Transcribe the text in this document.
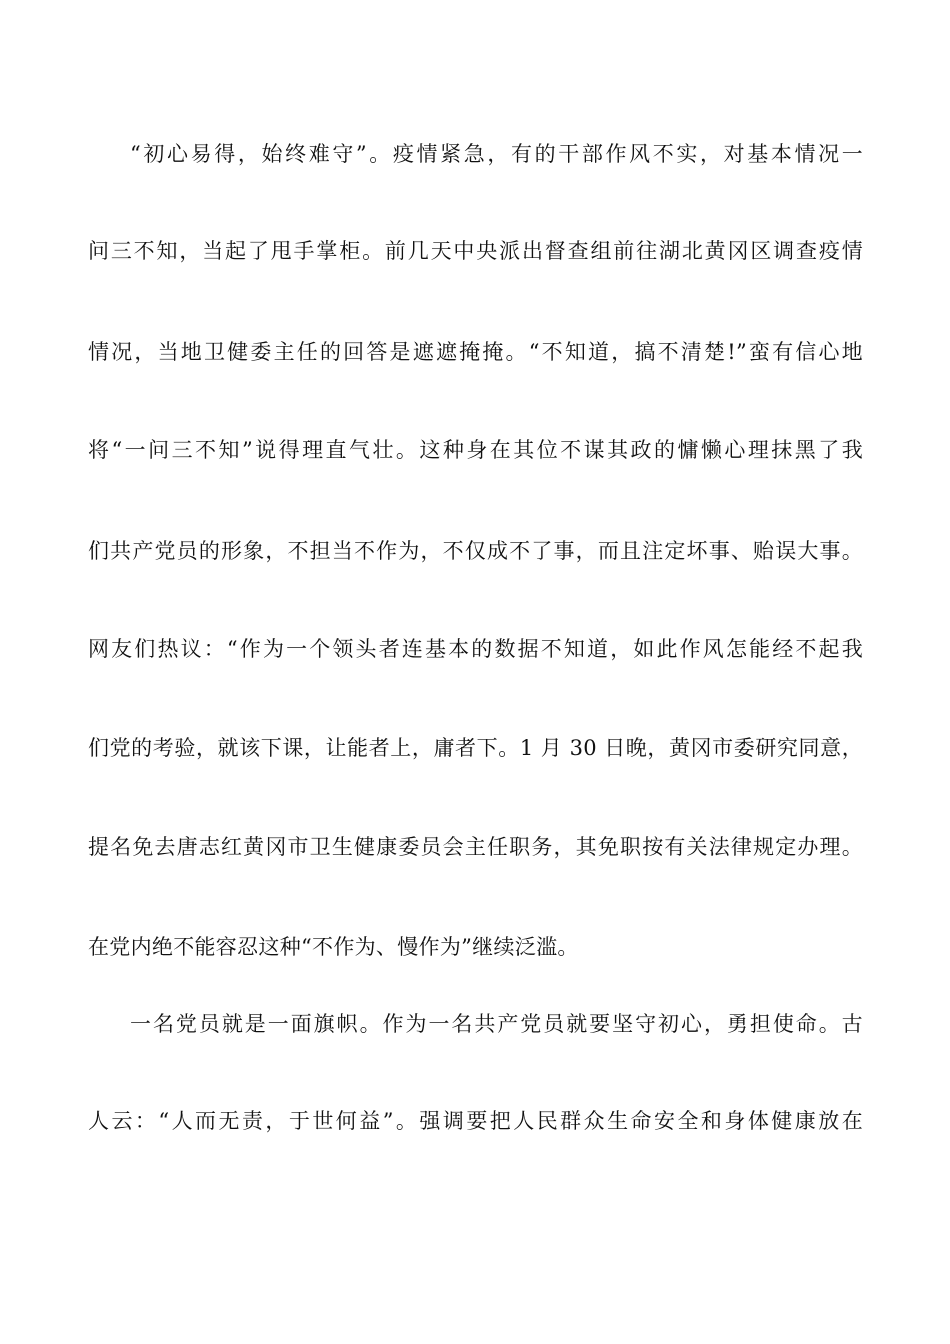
“初心易得，始终难守”。疫情紧急，有的干部作风不实，对基本情况一
问三不知，当起了甩手掌柜。前几天中央派出督查组前往湖北黄冈区调查疫情
情况，当地卫健委主任的回答是遮遮掩掩。“不知道，搞不清楚!”蛮有信心地
将“一问三不知”说得理直气壮。这种身在其位不谋其政的慵懒心理抹黑了我
们共产党员的形象，不担当不作为，不仅成不了事，而且注定坏事、贻误大事。
网友们热议：“作为一个领头者连基本的数据不知道，如此作风怎能经不起我
们党的考验，就该下课，让能者上，庸者下。1 月 30 日晚，黄冈市委研究同意，
提名免去唐志红黄冈市卫生健康委员会主任职务，其免职按有关法律规定办理。
在党内绝不能容忍这种“不作为、慢作为”继续泛滥。
一名党员就是一面旗帜。作为一名共产党员就要坚守初心，勇担使命。古
人云：“人而无责，于世何益”。强调要把人民群众生命安全和身体健康放在
